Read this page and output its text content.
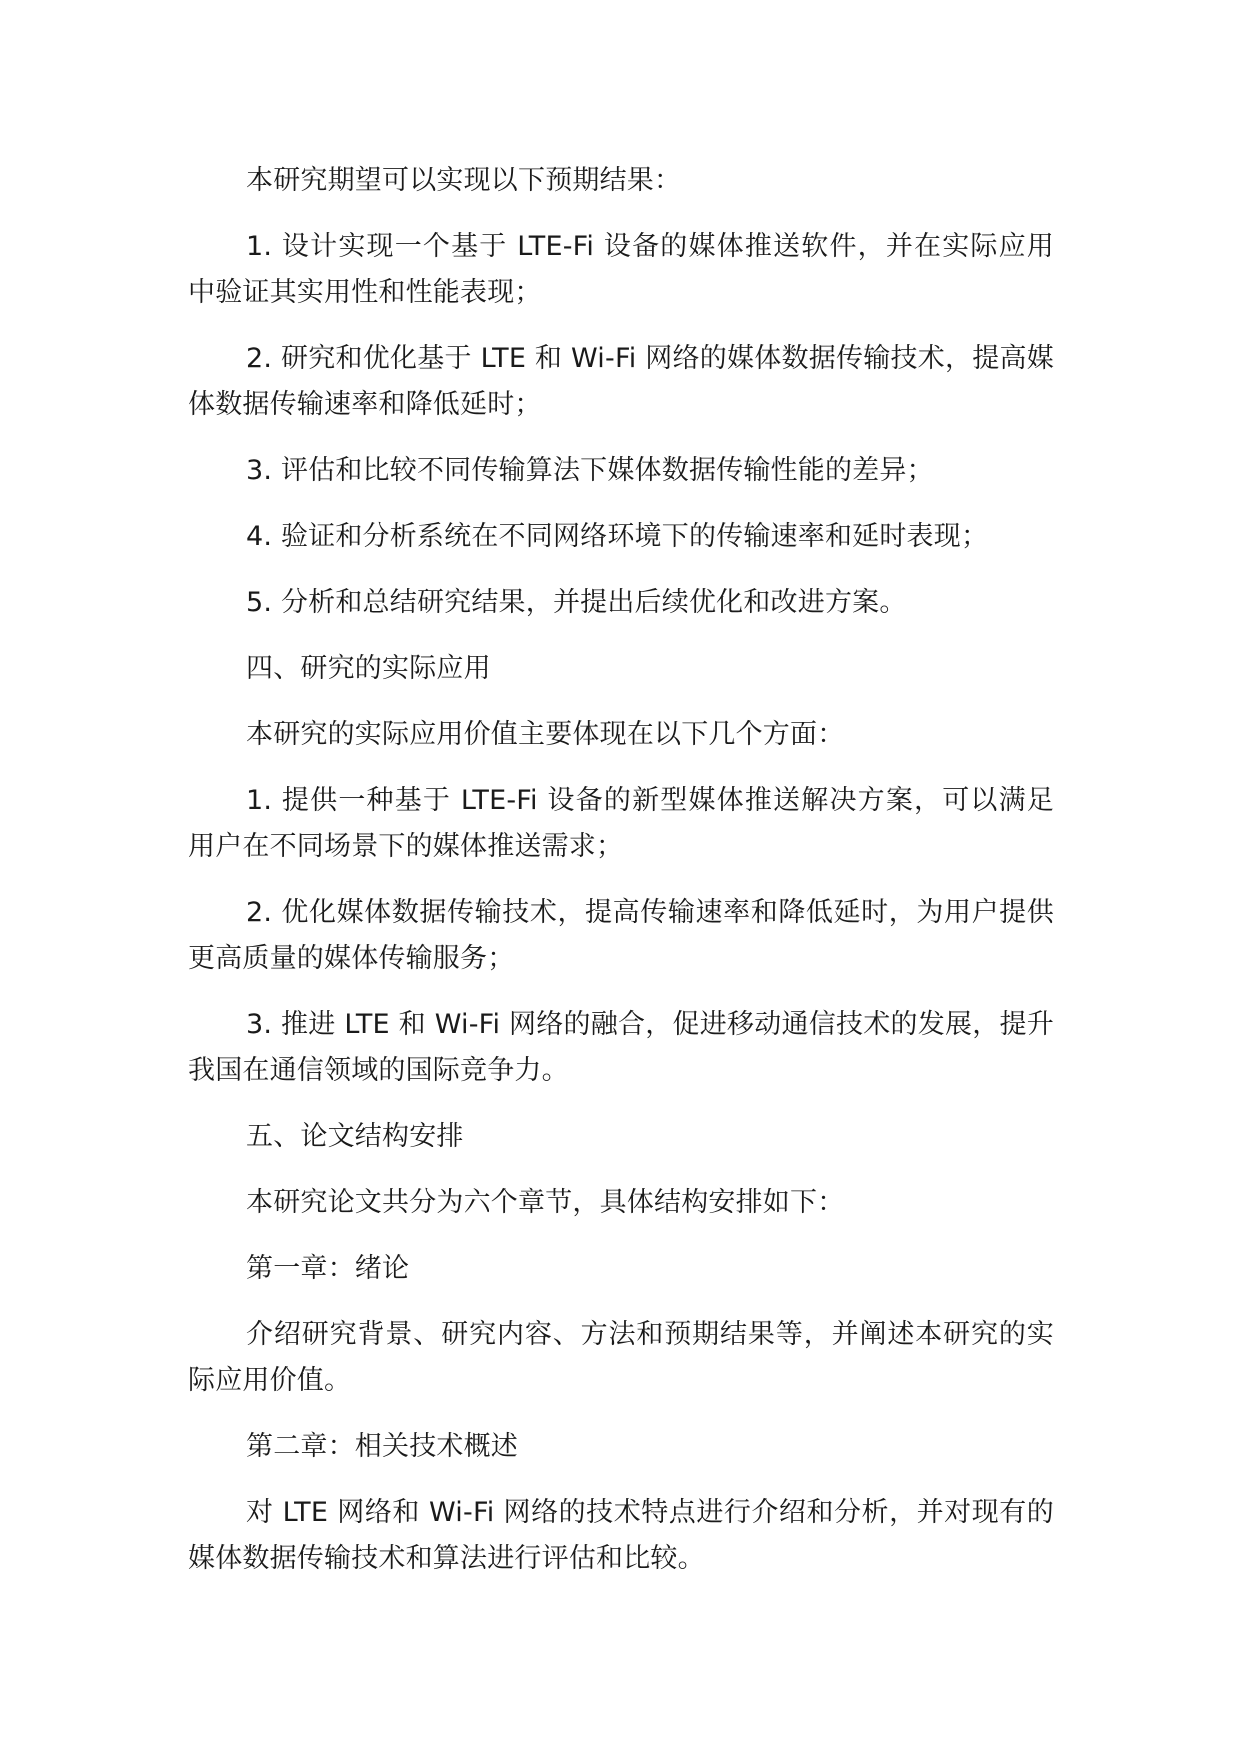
本研究期望可以实现以下预期结果：

1. 设计实现一个基于 LTE-Fi 设备的媒体推送软件，并在实际应用中验证其实用性和性能表现；

2. 研究和优化基于 LTE 和 Wi-Fi 网络的媒体数据传输技术，提高媒体数据传输速率和降低延时；

3. 评估和比较不同传输算法下媒体数据传输性能的差异；

4. 验证和分析系统在不同网络环境下的传输速率和延时表现；

5. 分析和总结研究结果，并提出后续优化和改进方案。

四、研究的实际应用

本研究的实际应用价值主要体现在以下几个方面：

1. 提供一种基于 LTE-Fi 设备的新型媒体推送解决方案，可以满足用户在不同场景下的媒体推送需求；

2. 优化媒体数据传输技术，提高传输速率和降低延时，为用户提供更高质量的媒体传输服务；

3. 推进 LTE 和 Wi-Fi 网络的融合，促进移动通信技术的发展，提升我国在通信领域的国际竞争力。

五、论文结构安排

本研究论文共分为六个章节，具体结构安排如下：

第一章：绪论

介绍研究背景、研究内容、方法和预期结果等，并阐述本研究的实际应用价值。

第二章：相关技术概述

对 LTE 网络和 Wi-Fi 网络的技术特点进行介绍和分析，并对现有的媒体数据传输技术和算法进行评估和比较。
